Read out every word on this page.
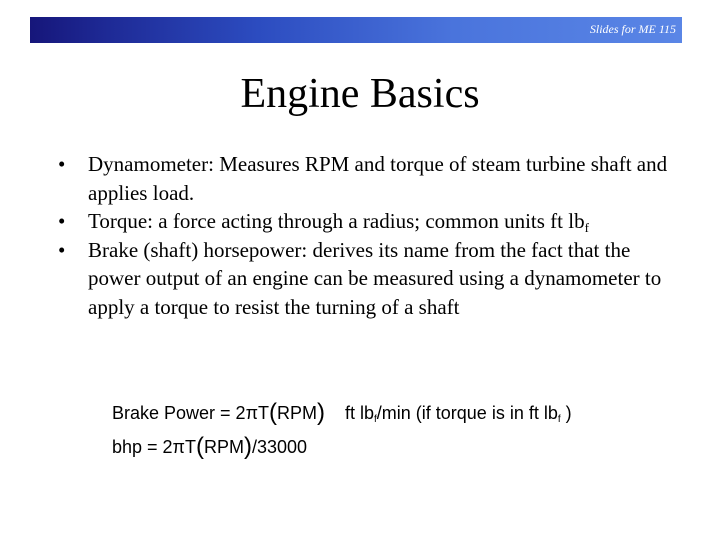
Slides for ME 115
Engine Basics
• Dynamometer: Measures RPM and torque of steam turbine shaft and applies load.
• Torque: a force acting through a radius; common units ft $lb_f$
• Brake (shaft) horsepower: derives its name from the fact that the power output of an engine can be measured using a dynamometer to apply a torque to resist the turning of a shaft
Brake Power = 2πT(RPM) ft $lb_f/\min$ (if torque is in ft $lb_f$ )
bhp = 2πT(RPM)/33000
